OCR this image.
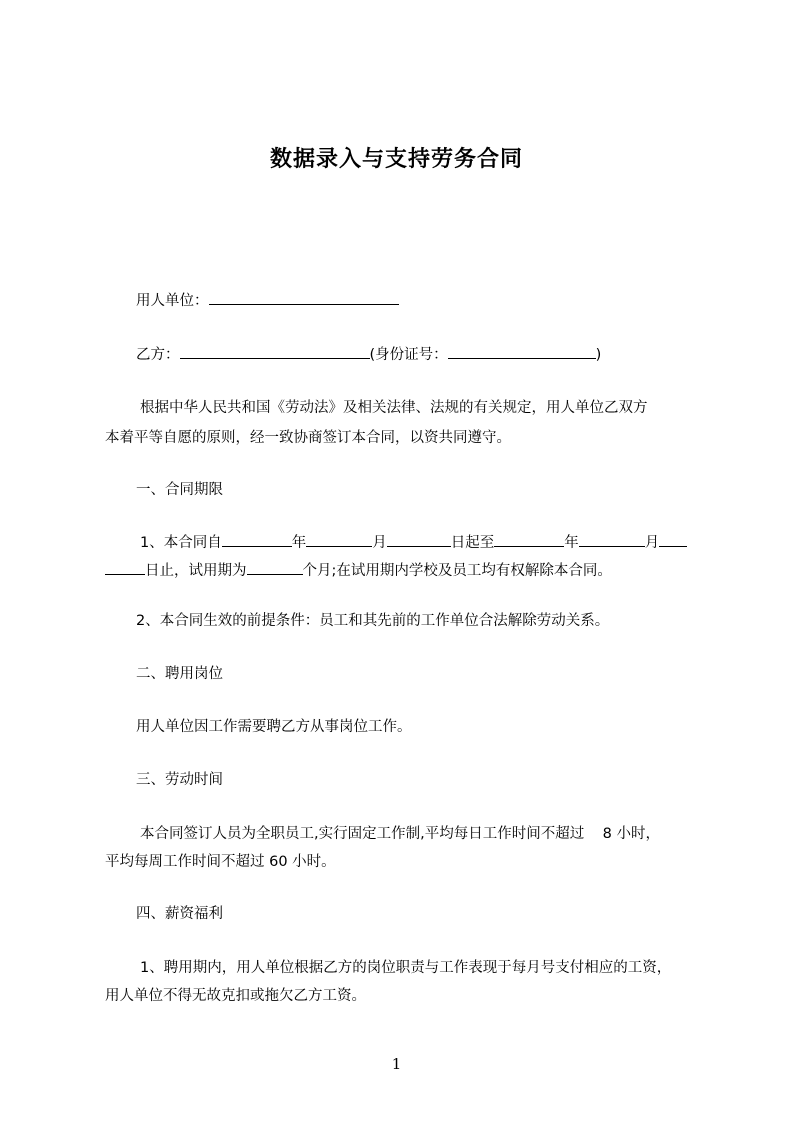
数据录入与支持劳务合同
用人单位：
乙方：	(身份证号：	)
根据中华人民共和国《劳动法》及相关法律、法规的有关规定，用人单位乙双方
本着平等自愿的原则，经一致协商签订本合同，以资共同遵守。
一、合同期限
1、本合同自	年	月	日起至	年	月
日止，试用期为	个月;在试用期内学校及员工均有权解除本合同。
2、本合同生效的前提条件：员工和其先前的工作单位合法解除劳动关系。
二、聘用岗位
用人单位因工作需要聘乙方从事岗位工作。
三、劳动时间
本合同签订人员为全职员工,实行固定工作制,平均每日工作时间不超过    8 小时，
平均每周工作时间不超过 60 小时。
四、薪资福利
1、聘用期内，用人单位根据乙方的岗位职责与工作表现于每月号支付相应的工资，
用人单位不得无故克扣或拖欠乙方工资。
1
